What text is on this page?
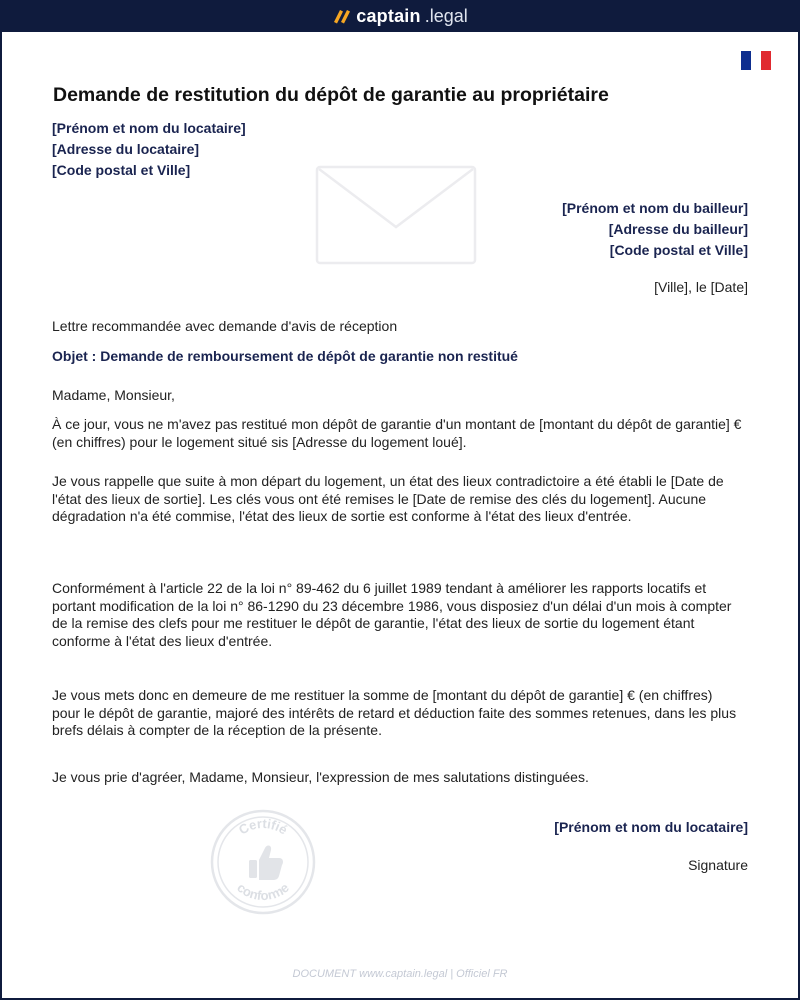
captain .legal
Demande de restitution du dépôt de garantie au propriétaire

[Prénom et nom du locataire]

[Adresse du locataire]

[Code postal et Ville]

[Prénom et nom du bailleur]

[Adresse du bailleur]

[Code postal et Ville]

[Ville], le [Date]

Lettre recommandée avec demande d'avis de réception

Objet : Demande de remboursement de dépôt de garantie non restitué

Madame, Monsieur,

À ce jour, vous ne m'avez pas restitué mon dépôt de garantie d'un montant de [montant du dépôt de garantie] € (en chiffres) pour le logement situé sis [Adresse du logement loué].

Je vous rappelle que suite à mon départ du logement, un état des lieux contradictoire a été établi le [Date de l'état des lieux de sortie]. Les clés vous ont été remises le [Date de remise des clés du logement]. Aucune dégradation n'a été commise, l'état des lieux de sortie est conforme à l'état des lieux d'entrée.

Conformément à l'article 22 de la loi n° 89-462 du 6 juillet 1989 tendant à améliorer les rapports locatifs et portant modification de la loi n° 86-1290 du 23 décembre 1986, vous disposiez d'un délai d'un mois à compter de la remise des clefs pour me restituer le dépôt de garantie, l'état des lieux de sortie du logement étant conforme à l'état des lieux d'entrée.

Je vous mets donc en demeure de me restituer la somme de [montant du dépôt de garantie] € (en chiffres) pour le dépôt de garantie, majoré des intérêts de retard et déduction faite des sommes retenues, dans les plus brefs délais à compter de la réception de la présente.

Je vous prie d'agréer, Madame, Monsieur, l'expression de mes salutations distinguées.

[Prénom et nom du locataire]
Signature
Certifié
conforme
DOCUMENT www.captain.legal | Officiel FR
